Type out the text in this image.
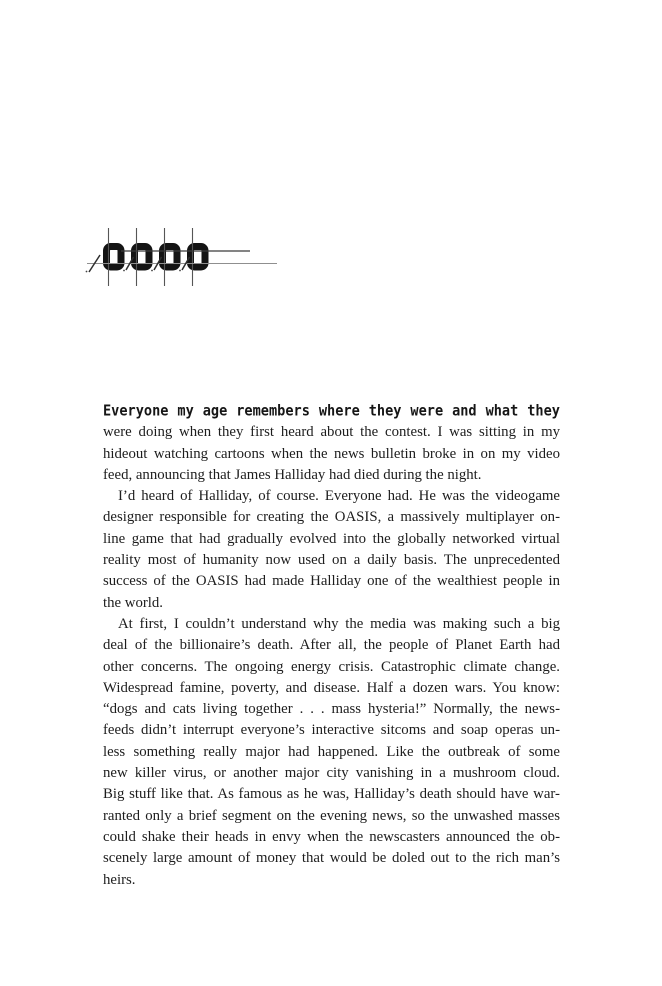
Everyone my age remembers where they were and what they
were doing when they first heard about the contest. I was sitting in my
hideout watching cartoons when the news bulletin broke in on my video
feed, announcing that James Halliday had died during the night.
I’d heard of Halliday, of course. Everyone had. He was the videogame
designer responsible for creating the OASIS, a massively multiplayer on-
line game that had gradually evolved into the globally networked virtual
reality most of humanity now used on a daily basis. The unprecedented
success of the OASIS had made Halliday one of the wealthiest people in
the world.
At first, I couldn’t understand why the media was making such a big
deal of the billionaire’s death. After all, the people of Planet Earth had
other concerns. The ongoing energy crisis. Catastrophic climate change.
Widespread famine, poverty, and disease. Half a dozen wars. You know:
“dogs and cats living together . . . mass hysteria!” Normally, the news-
feeds didn’t interrupt everyone’s interactive sitcoms and soap operas un-
less something really major had happened. Like the outbreak of some
new killer virus, or another major city vanishing in a mushroom cloud.
Big stuff like that. As famous as he was, Halliday’s death should have war-
ranted only a brief segment on the evening news, so the unwashed masses
could shake their heads in envy when the newscasters announced the ob-
scenely large amount of money that would be doled out to the rich man’s
heirs.
